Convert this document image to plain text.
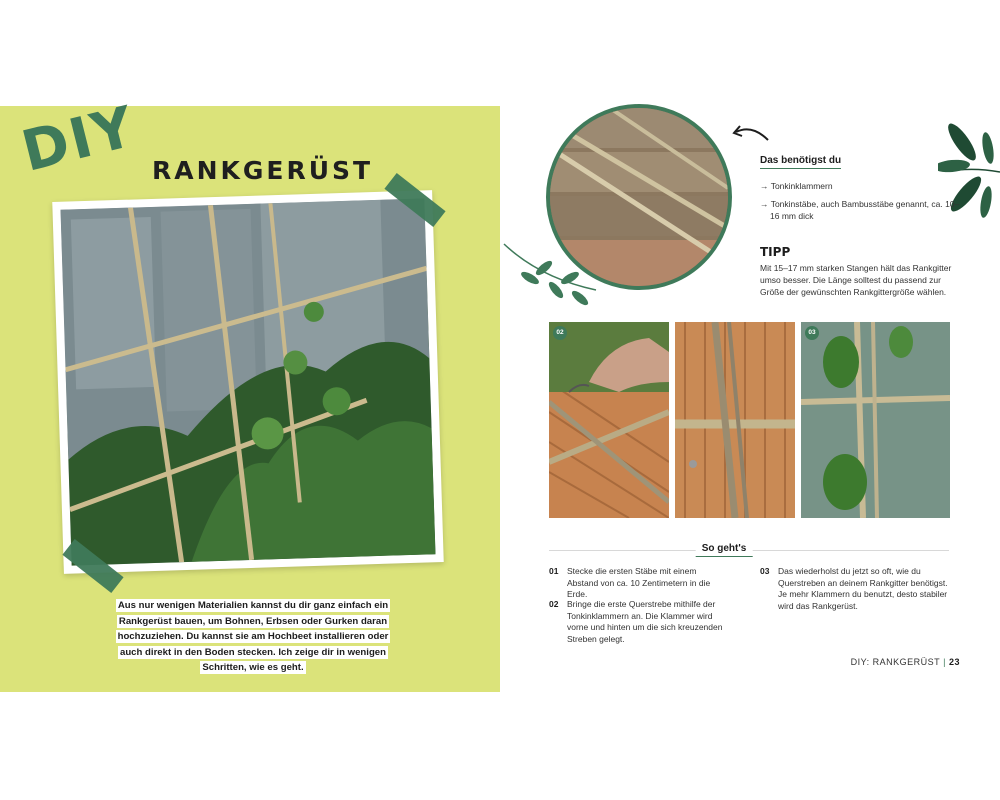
DIY RANKGERÜST
Aus nur wenigen Materialien kannst du dir ganz einfach ein Rankgerüst bauen, um Bohnen, Erbsen oder Gurken daran hochzuziehen. Du kannst sie am Hochbeet installieren oder auch direkt in den Boden stecken. Ich zeige dir in wenigen Schritten, wie es geht.
Das benötigst du
→ Tonkinklammern
→ Tonkinstäbe, auch Bambusstäbe genannt, ca. 10–16 mm dick
TIPP
Mit 15–17 mm starken Stangen hält das Rankgitter umso besser. Die Länge solltest du passend zur Größe der gewünschten Rankgittergröße wählen.
02	03
So geht's
01 Stecke die ersten Stäbe mit einem Abstand von ca. 10 Zentimetern in die Erde.
02 Bringe die erste Querstrebe mithilfe der Tonkinklammern an. Die Klammer wird vorne und hinten um die sich kreuzenden Streben gelegt.
03 Das wiederholst du jetzt so oft, wie du Querstreben an deinem Rankgitter benötigst. Je mehr Klammern du benutzt, desto stabiler wird das Rankgerüst.
DIY: RANKGERÜST | 23
